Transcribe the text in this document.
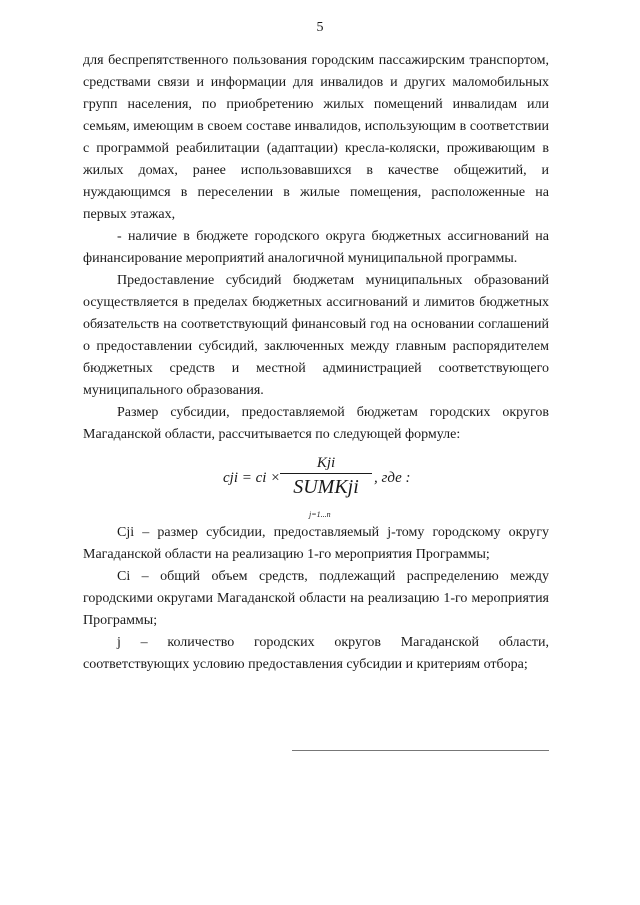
5

для беспрепятственного пользования городским пассажирским транспортом, средствами связи и информации для инвалидов и других маломобильных групп населения, по приобретению жилых помещений инвалидам или семьям, имеющим в своем составе инвалидов, использующим в соответствии с программой реабилитации (адаптации) кресла-коляски, проживающим в жилых домах, ранее использовавшихся в качестве общежитий, и нуждающимся в переселении в жилые помещения, расположенные на первых этажах,

- наличие в бюджете городского округа бюджетных ассигнований на финансирование мероприятий аналогичной муниципальной программы.

Предоставление субсидий бюджетам муниципальных образований осуществляется в пределах бюджетных ассигнований и лимитов бюджетных обязательств на соответствующий финансовый год на основании соглашений о предоставлении субсидий, заключенных между главным распорядителем бюджетных средств и местной администрацией соответствующего муниципального образования.

Размер субсидии, предоставляемой бюджетам городских округов Магаданской области, рассчитывается по следующей формуле:

cji = ci ×
Kji
SUMKji	, где :
j=1...n

Cji – размер субсидии, предоставляемый j-тому городскому округу Магаданской области на реализацию 1-го мероприятия Программы;

Ci – общий объем средств, подлежащий распределению между городскими округами Магаданской области на реализацию 1-го мероприятия Программы;

j – количество городских округов Магаданской области, соответствующих условию предоставления субсидии и критериям отбора;
